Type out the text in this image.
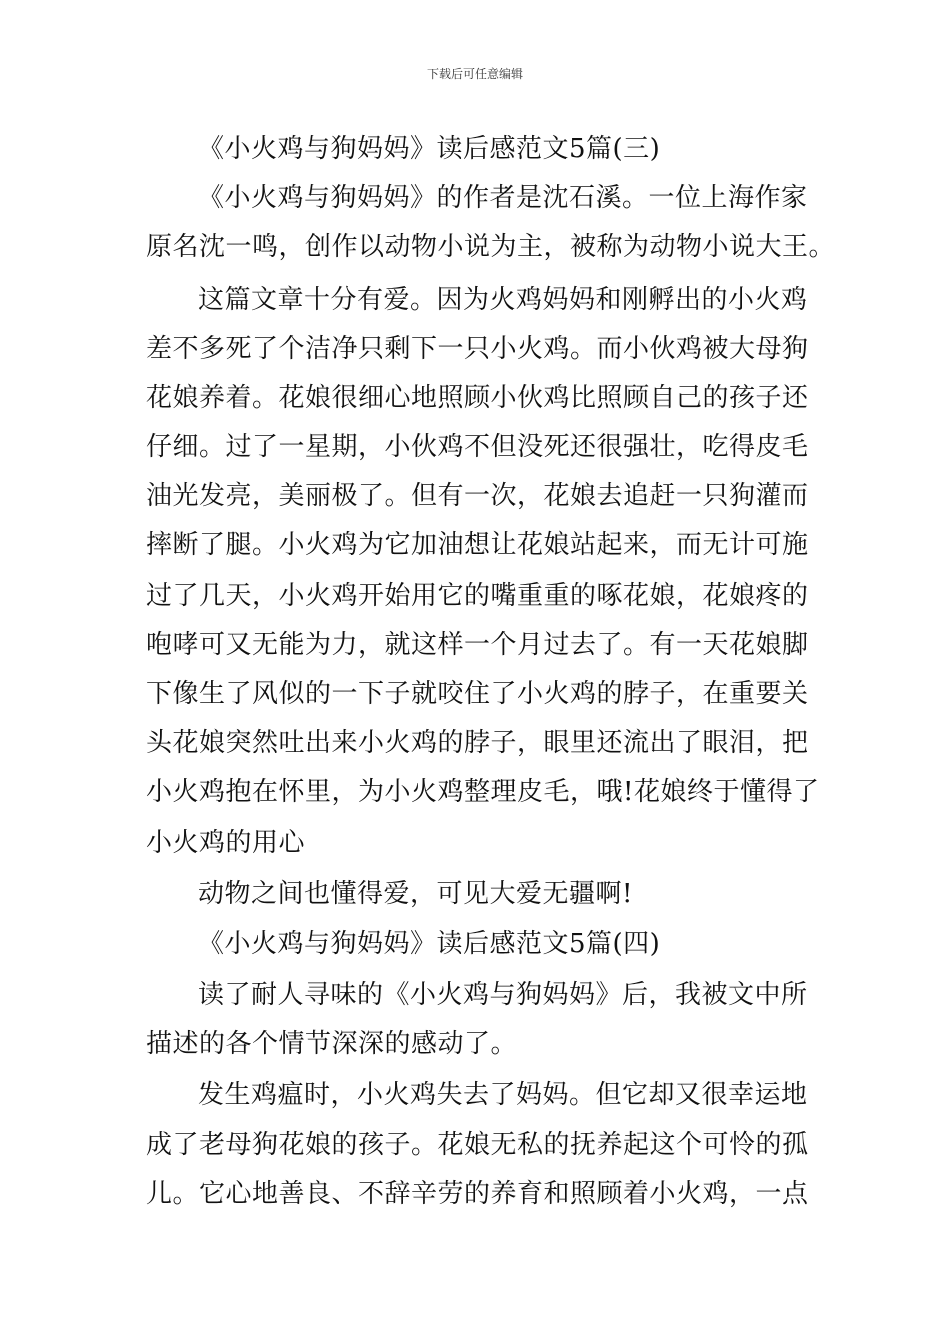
下载后可任意编辑
《小火鸡与狗妈妈》读后感范文5篇(三)
《小火鸡与狗妈妈》的作者是沈石溪。一位上海作家
原名沈一鸣，创作以动物小说为主，被称为动物小说大王。
这篇文章十分有爱。因为火鸡妈妈和刚孵出的小火鸡
差不多死了个洁净只剩下一只小火鸡。而小伙鸡被大母狗
花娘养着。花娘很细心地照顾小伙鸡比照顾自己的孩子还
仔细。过了一星期，小伙鸡不但没死还很强壮，吃得皮毛
油光发亮，美丽极了。但有一次，花娘去追赶一只狗灌而
摔断了腿。小火鸡为它加油想让花娘站起来，而无计可施
过了几天，小火鸡开始用它的嘴重重的啄花娘，花娘疼的
咆哮可又无能为力，就这样一个月过去了。有一天花娘脚
下像生了风似的一下子就咬住了小火鸡的脖子，在重要关
头花娘突然吐出来小火鸡的脖子，眼里还流出了眼泪，把
小火鸡抱在怀里，为小火鸡整理皮毛，哦!花娘终于懂得了
小火鸡的用心
动物之间也懂得爱，可见大爱无疆啊!
《小火鸡与狗妈妈》读后感范文5篇(四)
读了耐人寻味的《小火鸡与狗妈妈》后，我被文中所
描述的各个情节深深的感动了。
发生鸡瘟时，小火鸡失去了妈妈。但它却又很幸运地
成了老母狗花娘的孩子。花娘无私的抚养起这个可怜的孤
儿。它心地善良、不辞辛劳的养育和照顾着小火鸡，一点
